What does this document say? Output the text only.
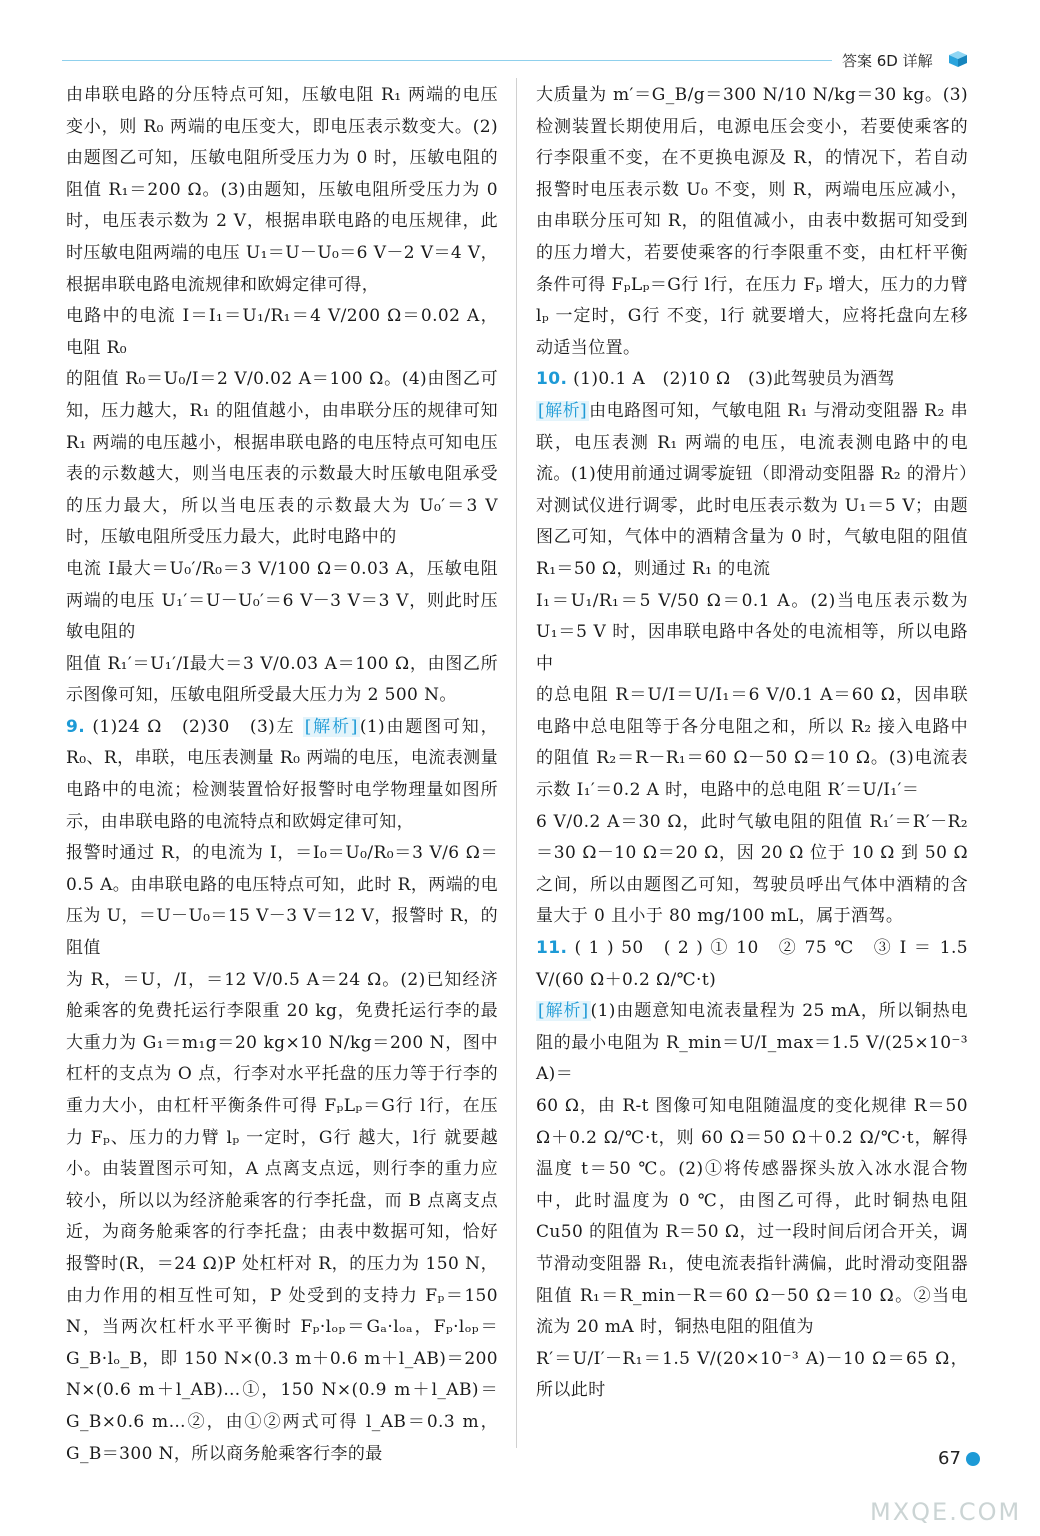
答案 6D 详解

由串联电路的分压特点可知，压敏电阻 R₁ 两端的电压变小，则 R₀ 两端的电压变大，即电压表示数变大。(2)由题图乙可知，压敏电阻所受压力为 0 时，压敏电阻的阻值 R₁＝200 Ω。(3)由题知，压敏电阻所受压力为 0 时，电压表示数为 2 V，根据串联电路的电压规律，此时压敏电阻两端的电压 U₁＝U－U₀＝6 V－2 V＝4 V，根据串联电路电流规律和欧姆定律可得，

电路中的电流 I＝I₁＝U₁/R₁＝4 V/200 Ω＝0.02 A，电阻 R₀

的阻值 R₀＝U₀/I＝2 V/0.02 A＝100 Ω。(4)由图乙可知，压力越大，R₁ 的阻值越小，由串联分压的规律可知 R₁ 两端的电压越小，根据串联电路的电压特点可知电压表的示数越大，则当电压表的示数最大时压敏电阻承受的压力最大，所以当电压表的示数最大为 U₀′＝3 V 时，压敏电阻所受压力最大，此时电路中的

电流 I最大＝U₀′/R₀＝3 V/100 Ω＝0.03 A，压敏电阻两端的电压 U₁′＝U－U₀′＝6 V－3 V＝3 V，则此时压敏电阻的

阻值 R₁′＝U₁′/I最大＝3 V/0.03 A＝100 Ω，由图乙所示图像可知，压敏电阻所受最大压力为 2 500 N。

9. (1)24 Ω　(2)30　(3)左 [解析] (1)由题图可知，R₀、R，串联，电压表测量 R₀ 两端的电压，电流表测量电路中的电流；检测装置恰好报警时电学物理量如图所示，由串联电路的电流特点和欧姆定律可知，

报警时通过 R，的电流为 I，＝I₀＝U₀/R₀＝3 V/6 Ω＝0.5 A。由串联电路的电压特点可知，此时 R，两端的电压为 U，＝U－U₀＝15 V－3 V＝12 V，报警时 R，的阻值

为 R，＝U，/I，＝12 V/0.5 A＝24 Ω。(2)已知经济舱乘客的免费托运行李限重 20 kg，免费托运行李的最大重力为 G₁＝m₁g＝20 kg×10 N/kg＝200 N，图中杠杆的支点为 O 点，行李对水平托盘的压力等于行李的重力大小，由杠杆平衡条件可得 FₚLₚ＝G行 l行，在压力 Fₚ、压力的力臂 lₚ 一定时，G行 越大，l行 就要越小。由装置图示可知，A 点离支点远，则行李的重力应较小，所以以为经济舱乘客的行李托盘，而 B 点离支点近，为商务舱乘客的行李托盘；由表中数据可知，恰好报警时(R，＝24 Ω)P 处杠杆对 R，的压力为 150 N，由力作用的相互性可知，P 处受到的支持力 Fₚ＝150 N，当两次杠杆水平平衡时 Fₚ·lₒₚ＝Gₐ·lₒₐ，Fₚ·lₒₚ＝G_B·lₒ_B，即 150 N×(0.3 m＋0.6 m＋l_AB)＝200 N×(0.6 m＋l_AB)…①，150 N×(0.9 m＋l_AB)＝G_B×0.6 m…②，由①②两式可得 l_AB＝0.3 m，G_B＝300 N，所以商务舱乘客行李的最

大质量为 m′＝G_B/g＝300 N/10 N/kg＝30 kg。(3)检测装置长期使用后，电源电压会变小，若要使乘客的行李限重不变，在不更换电源及 R，的情况下，若自动报警时电压表示数 U₀ 不变，则 R，两端电压应减小，由串联分压可知 R，的阻值减小，由表中数据可知受到的压力增大，若要使乘客的行李限重不变，由杠杆平衡条件可得 FₚLₚ＝G行 l行，在压力 Fₚ 增大，压力的力臂 lₚ 一定时，G行 不变，l行 就要增大，应将托盘向左移动适当位置。

10. (1)0.1 A　(2)10 Ω　(3)此驾驶员为酒驾

[解析] 由电路图可知，气敏电阻 R₁ 与滑动变阻器 R₂ 串联，电压表测 R₁ 两端的电压，电流表测电路中的电流。(1)使用前通过调零旋钮（即滑动变阻器 R₂ 的滑片）对测试仪进行调零，此时电压表示数为 U₁＝5 V；由题图乙可知，气体中的酒精含量为 0 时，气敏电阻的阻值 R₁＝50 Ω，则通过 R₁ 的电流

I₁＝U₁/R₁＝5 V/50 Ω＝0.1 A。(2)当电压表示数为 U₁＝5 V 时，因串联电路中各处的电流相等，所以电路中

的总电阻 R＝U/I＝U/I₁＝6 V/0.1 A＝60 Ω，因串联电路中总电阻等于各分电阻之和，所以 R₂ 接入电路中的阻值 R₂＝R－R₁＝60 Ω－50 Ω＝10 Ω。(3)电流表示数 I₁′＝0.2 A 时，电路中的总电阻 R′＝U/I₁′＝

6 V/0.2 A＝30 Ω，此时气敏电阻的阻值 R₁′＝R′－R₂＝30 Ω－10 Ω＝20 Ω，因 20 Ω 位于 10 Ω 到 50 Ω 之间，所以由题图乙可知，驾驶员呼出气体中酒精的含量大于 0 且小于 80 mg/100 mL，属于酒驾。

11. ( 1 ) 50　( 2 ) ① 10　② 75 ℃　③ I ＝ 1.5 V/(60 Ω＋0.2 Ω/℃·t)

[解析] (1)由题意知电流表量程为 25 mA，所以铜热电阻的最小电阻为 R_min＝U/I_max＝1.5 V/(25×10⁻³ A)＝

60 Ω，由 R-t 图像可知电阻随温度的变化规律 R＝50 Ω＋0.2 Ω/℃·t，则 60 Ω＝50 Ω＋0.2 Ω/℃·t，解得温度 t＝50 ℃。(2)①将传感器探头放入冰水混合物中，此时温度为 0 ℃，由图乙可得，此时铜热电阻 Cu50 的阻值为 R＝50 Ω，过一段时间后闭合开关，调节滑动变阻器 R₁，使电流表指针满偏，此时滑动变阻器阻值 R₁＝R_min－R＝60 Ω－50 Ω＝10 Ω。②当电流为 20 mA 时，铜热电阻的阻值为

R′＝U/I′－R₁＝1.5 V/(20×10⁻³ A)－10 Ω＝65 Ω，所以此时

67
MXQE.COM
